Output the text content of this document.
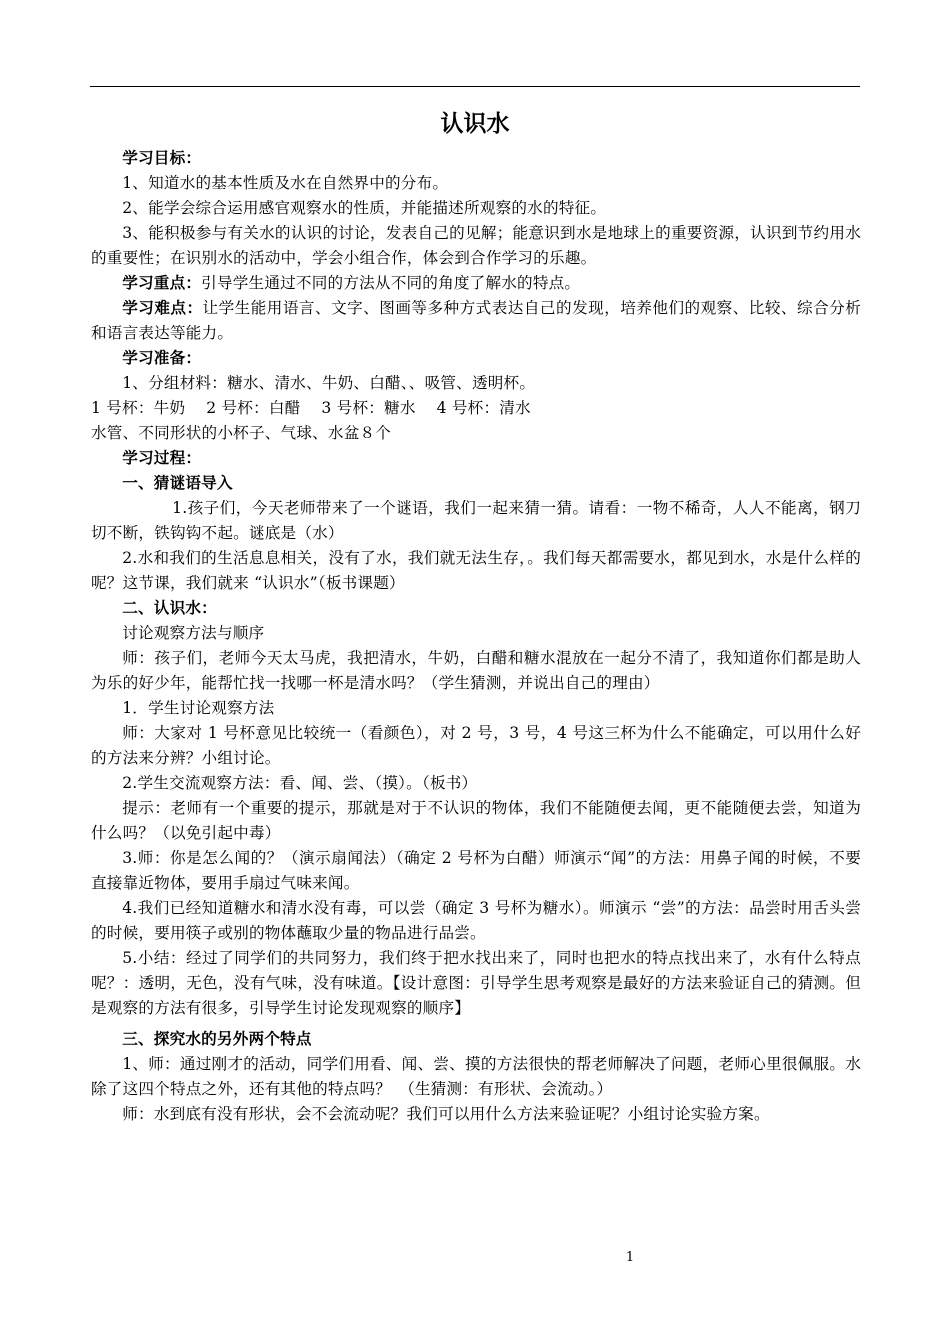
认识水

学习目标：

1、知道水的基本性质及水在自然界中的分布。

2、能学会综合运用感官观察水的性质，并能描述所观察的水的特征。

3、能积极参与有关水的认识的讨论，发表自己的见解；能意识到水是地球上的重要资源，认识到节约用水的重要性；在识别水的活动中，学会小组合作，体会到合作学习的乐趣。

学习重点：引导学生通过不同的方法从不同的角度了解水的特点。

学习难点：让学生能用语言、文字、图画等多种方式表达自己的发现，培养他们的观察、比较、综合分析和语言表达等能力。

学习准备：

1、分组材料：糖水、清水、牛奶、白醋、、吸管、透明杯。

1 号杯：牛奶　 2 号杯：白醋　 3 号杯：糖水　 4 号杯：清水

水管、不同形状的小杯子、气球、水盆８个

学习过程：

一、猜谜语导入

1.孩子们，今天老师带来了一个谜语，我们一起来猜一猜。请看：一物不稀奇，人人不能离，钢刀切不断，铁钩钩不起。谜底是（水）

2.水和我们的生活息息相关，没有了水，我们就无法生存，。我们每天都需要水，都见到水，水是什么样的呢？这节课，我们就来 “认识水”（板书课题）

二、认识水：

讨论观察方法与顺序

师：孩子们，老师今天太马虎，我把清水，牛奶，白醋和糖水混放在一起分不清了，我知道你们都是助人为乐的好少年，能帮忙找一找哪一杯是清水吗？（学生猜测，并说出自己的理由）

1．学生讨论观察方法

师：大家对 1 号杯意见比较统一（看颜色），对 2 号，3 号，4 号这三杯为什么不能确定，可以用什么好的方法来分辨？小组讨论。

2.学生交流观察方法：看、闻、尝、（摸）。（板书）

提示：老师有一个重要的提示，那就是对于不认识的物体，我们不能随便去闻，更不能随便去尝，知道为什么吗？（以免引起中毒）

3.师：你是怎么闻的？（演示扇闻法）（确定 2 号杯为白醋）师演示“闻”的方法：用鼻子闻的时候，不要直接靠近物体，要用手扇过气味来闻。

4.我们已经知道糖水和清水没有毒，可以尝（确定 3 号杯为糖水）。师演示 “尝”的方法：品尝时用舌头尝的时候，要用筷子或别的物体蘸取少量的物品进行品尝。

5.小结：经过了同学们的共同努力，我们终于把水找出来了，同时也把水的特点找出来了，水有什么特点呢？：透明，无色，没有气味，没有味道。【设计意图：引导学生思考观察是最好的方法来验证自己的猜测。但是观察的方法有很多，引导学生讨论发现观察的顺序】

三、探究水的另外两个特点

1、师：通过刚才的活动，同学们用看、闻、尝、摸的方法很快的帮老师解决了问题，老师心里很佩服。水除了这四个特点之外，还有其他的特点吗？　（生猜测：有形状、会流动。）

师：水到底有没有形状，会不会流动呢？我们可以用什么方法来验证呢？小组讨论实验方案。

1
